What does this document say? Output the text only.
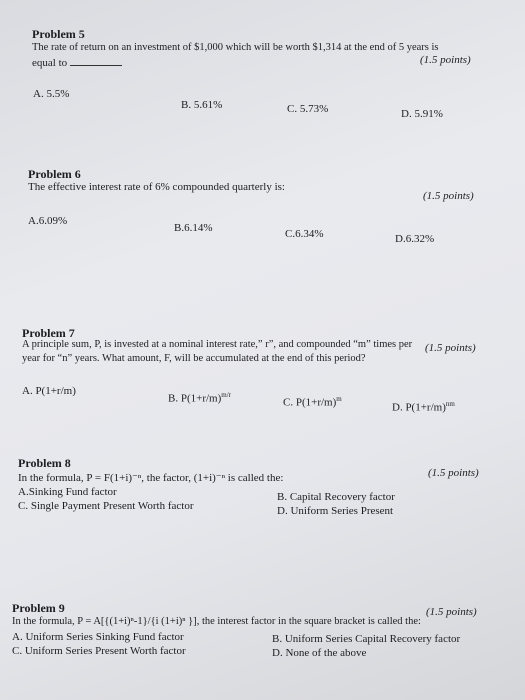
Problem 5
(1.5 points)
The rate of return on an investment of $1,000 which will be worth $1,314 at the end of 5 years is
equal to
A. 5.5%
B. 5.61%	C. 5.73%	D. 5.91%
Problem 6
(1.5 points)
The effective interest rate of 6% compounded quarterly is:
A.6.09%
B.6.14%	C.6.34%	D.6.32%
Problem 7
(1.5 points)
A principle sum, P, is invested at a nominal interest rate,” r”, and compounded “m” times per
year for “n” years. What amount, F, will be accumulated at the end of this period?
A. P(1+r/m)
B. $P(1+r/m)^{m/r}$
C. $P(1+r/m)^m$
D. $P(1+r/m)^{nm}$
Problem 8
(1.5 points)
In the formula, P = F(1+i)⁻ⁿ, the factor, (1+i)⁻ⁿ is called the:
A.Sinking Fund factor	B. Capital Recovery factor
C. Single Payment Present Worth factor	D. Uniform Series Present
Problem 9	(1.5 points)
In the formula, P = A[{(1+i)ⁿ-1}/{i (1+i)ⁿ }], the interest factor in the square bracket is called the:
A. Uniform Series Sinking Fund factor	B. Uniform Series Capital Recovery factor
C. Uniform Series Present Worth factor	D. None of the above
